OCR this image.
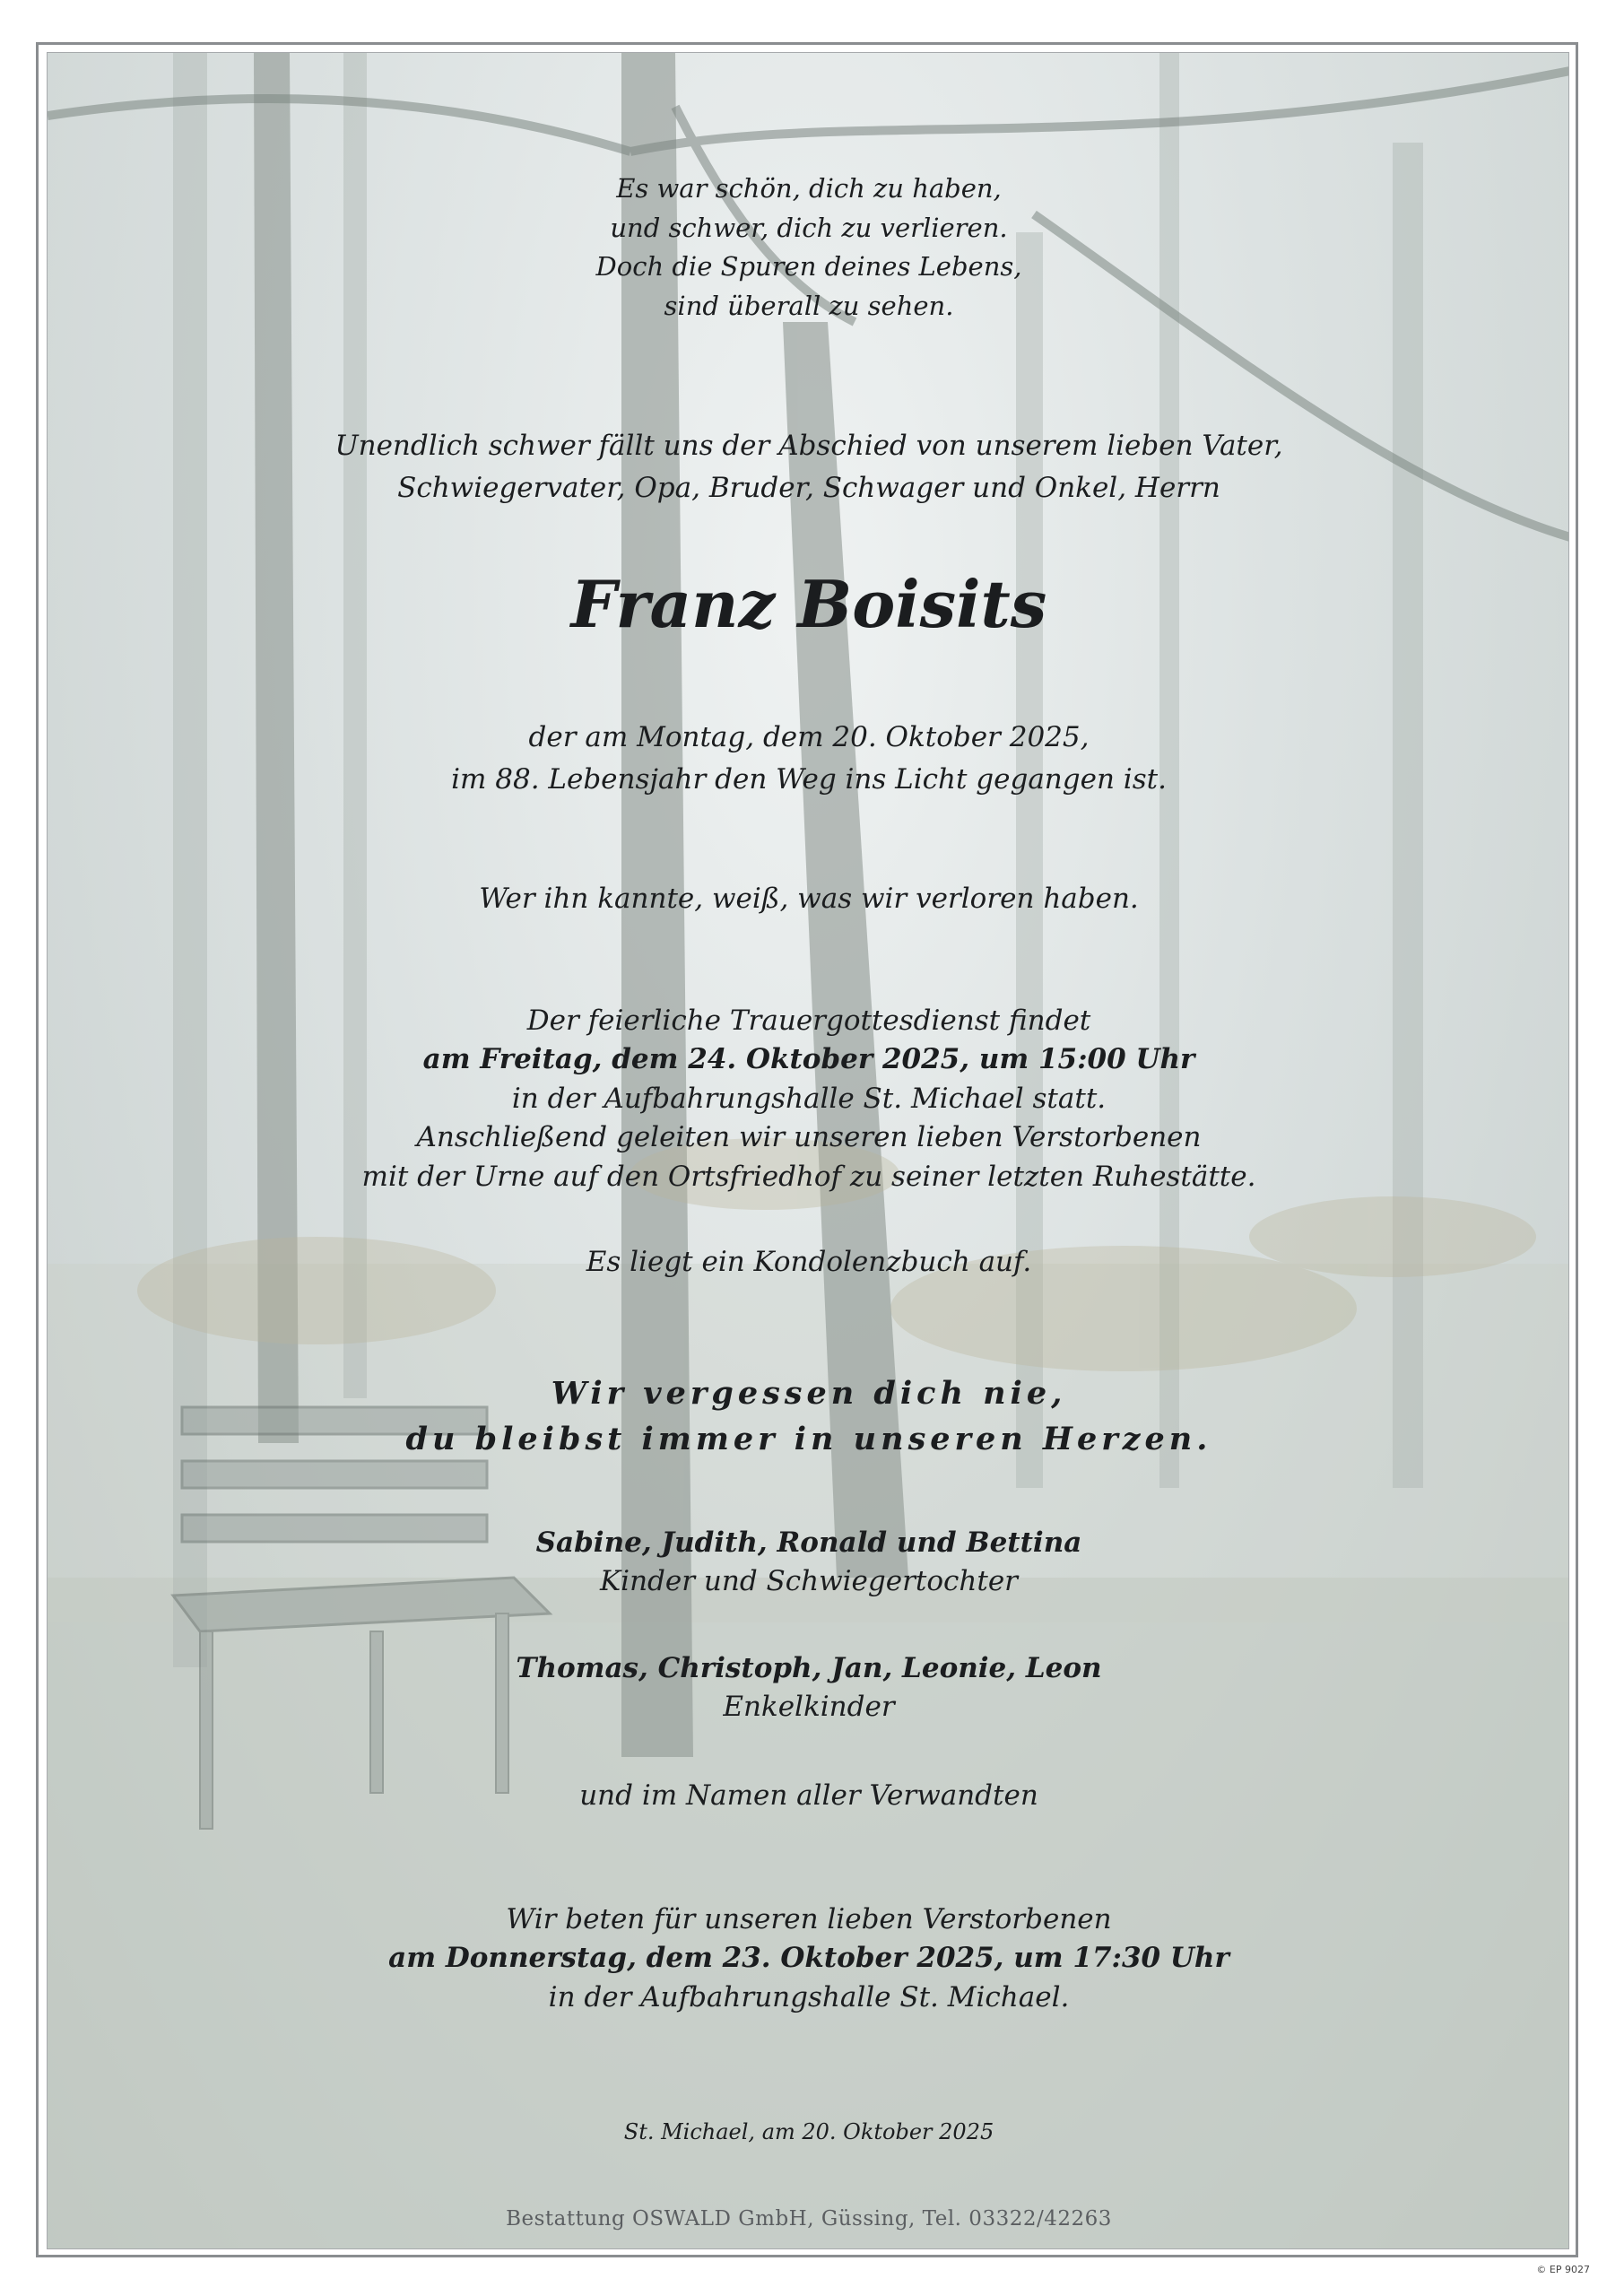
Es war schön, dich zu haben,
und schwer, dich zu verlieren.
Doch die Spuren deines Lebens,
sind überall zu sehen.
Unendlich schwer fällt uns der Abschied von unserem lieben Vater,
Schwiegervater, Opa, Bruder, Schwager und Onkel, Herrn
Franz Boisits
der am Montag, dem 20. Oktober 2025,
im 88. Lebensjahr den Weg ins Licht gegangen ist.
Wer ihn kannte, weiß, was wir verloren haben.
Der feierliche Trauergottesdienst findet
am Freitag, dem 24. Oktober 2025, um 15:00 Uhr
in der Aufbahrungshalle St. Michael statt.
Anschließend geleiten wir unseren lieben Verstorbenen
mit der Urne auf den Ortsfriedhof zu seiner letzten Ruhestätte.
Es liegt ein Kondolenzbuch auf.
Wir vergessen dich nie,
du bleibst immer in unseren Herzen.
Sabine, Judith, Ronald und Bettina
Kinder und Schwiegertochter
Thomas, Christoph, Jan, Leonie, Leon
Enkelkinder
und im Namen aller Verwandten
Wir beten für unseren lieben Verstorbenen
am Donnerstag, dem 23. Oktober 2025, um 17:30 Uhr
in der Aufbahrungshalle St. Michael.
St. Michael, am 20. Oktober 2025
Bestattung OSWALD GmbH, Güssing, Tel. 03322/42263
© EP 9027
